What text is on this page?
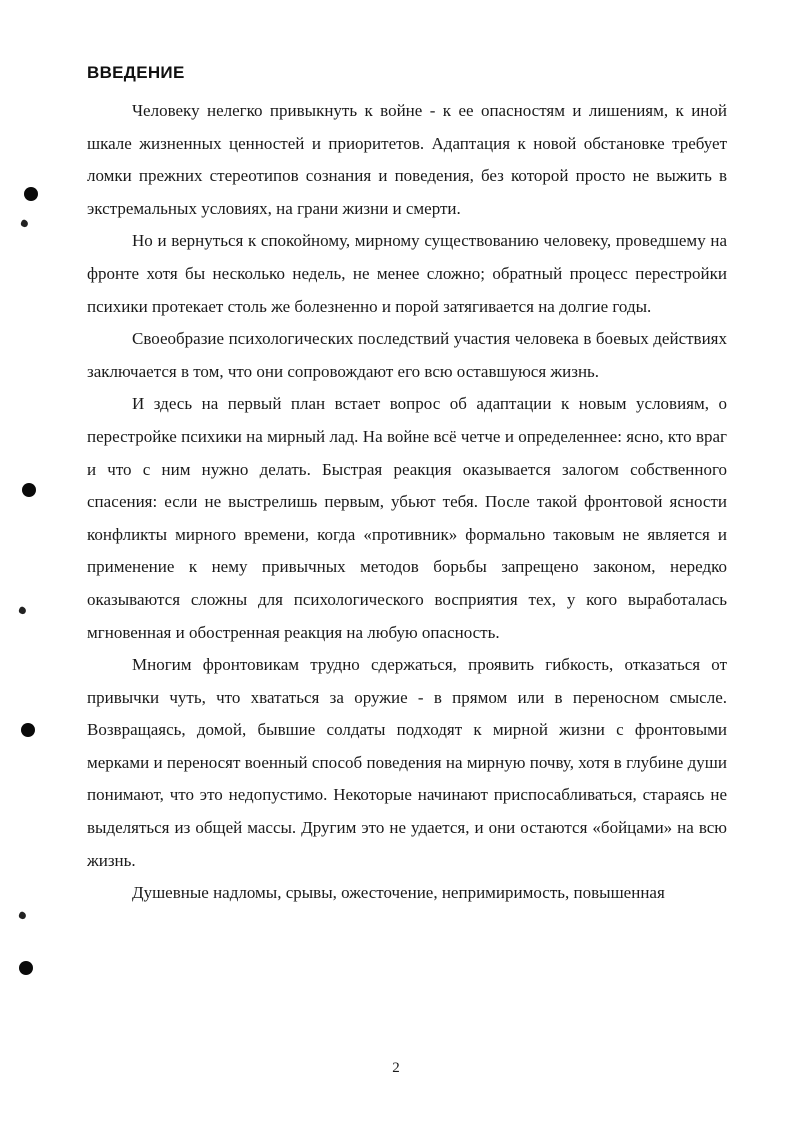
ВВЕДЕНИЕ

Человеку нелегко привыкнуть к войне - к ее опасностям и лишениям, к иной шкале жизненных ценностей и приоритетов. Адаптация к новой обстановке требует ломки прежних стереотипов сознания и поведения, без которой просто не выжить в экстремальных условиях, на грани жизни и смерти.

Но и вернуться к спокойному, мирному существованию человеку, проведшему на фронте хотя бы несколько недель, не менее сложно; обратный процесс перестройки психики протекает столь же болезненно и порой затягивается на долгие годы.

Своеобразие психологических последствий участия человека в боевых действиях заключается в том, что они сопровождают его всю оставшуюся жизнь.

И здесь на первый план встает вопрос об адаптации к новым условиям, о перестройке психики на мирный лад. На войне всё четче и определеннее: ясно, кто враг и что с ним нужно делать. Быстрая реакция оказывается залогом собственного спасения: если не выстрелишь первым, убьют тебя. После такой фронтовой ясности конфликты мирного времени, когда «противник» формально таковым не является и применение к нему привычных методов борьбы запрещено законом, нередко оказываются сложны для психологического восприятия тех, у кого выработалась мгновенная и обостренная реакция на любую опасность.

Многим фронтовикам трудно сдержаться, проявить гибкость, отказаться от привычки чуть, что хвататься за оружие - в прямом или в переносном смысле. Возвращаясь, домой, бывшие солдаты подходят к мирной жизни с фронтовыми мерками и переносят военный способ поведения на мирную почву, хотя в глубине души понимают, что это недопустимо. Некоторые начинают приспосабливаться, стараясь не выделяться из общей массы. Другим это не удается, и они остаются «бойцами» на всю жизнь.

Душевные надломы, срывы, ожесточение, непримиримость, повышенная

2
